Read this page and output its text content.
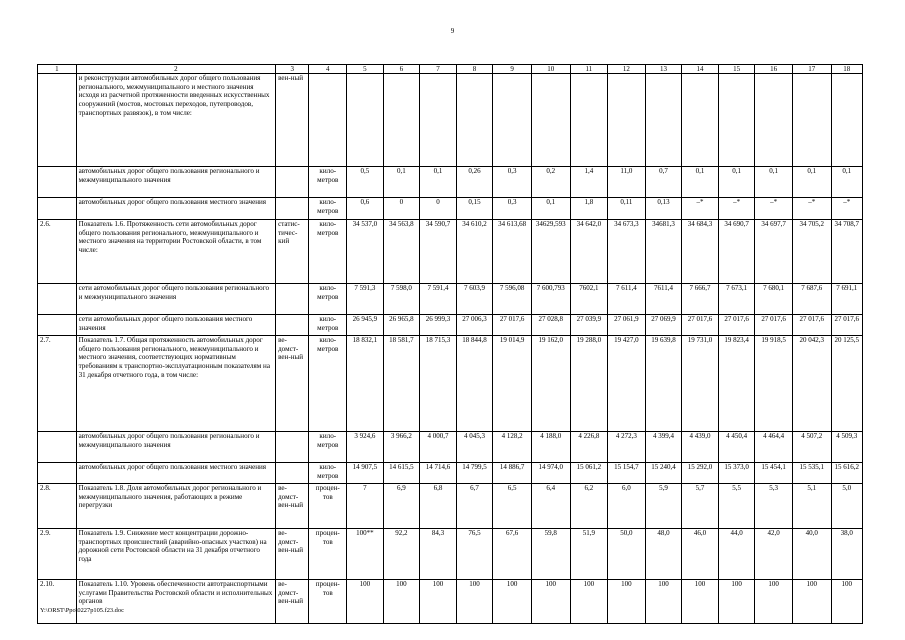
9
1	2	3	4	5	6	7	8	9	10	11	12	13	14	15	16	17	18
	и реконструкции автомобильных дорог общего пользования регионального, межмуниципального и местного значения исходя из расчетной протяженности введенных искусственных сооружений (мостов, мостовых переходов, путепроводов, транспортных развязок), в том числе:	вен-ный															
	автомобильных дорог общего пользования регионального и межмуниципального значения		кило-метров	0,5	0,1	0,1	0,26	0,3	0,2	1,4	11,0	0,7	0,1	0,1	0,1	0,1	0,1
	автомобильных дорог общего пользования местного значения		кило-метров	0,6	0	0	0,15	0,3	0,1	1,8	0,11	0,13	–*	–*	–*	–*	–*
2.6.	Показатель 1.6. Протяженность сети автомобильных дорог общего пользования регионального, межмуниципального и местного значения на территории Ростовской области, в том числе:	статис-тичес-кий	кило-метров	34 537,0	34 563,8	34 590,7	34 610,2	34 613,68	34629,593	34 642,0	34 673,3	34681,3	34 684,3	34 690,7	34 697,7	34 705,2	34 708,7
	сети автомобильных дорог общего пользования регионального и межмуниципального значения		кило-метров	7 591,3	7 598,0	7 591,4	7 603,9	7 596,08	7 600,793	7602,1	7 611,4	7611,4	7 666,7	7 673,1	7 680,1	7 687,6	7 691,1
	сети автомобильных дорог общего пользования местного значения		кило-метров	26 945,9	26 965,8	26 999,3	27 006,3	27 017,6	27 028,8	27 039,9	27 061,9	27 069,9	27 017,6	27 017,6	27 017,6	27 017,6	27 017,6
2.7.	Показатель 1.7. Общая протяженность автомобильных дорог общего пользования регионального, межмуниципального и местного значения, соответствующих нормативным требованиям к транспортно-эксплуатационным показателям на 31 декабря отчетного года, в том числе:	ве-домст-вен-ный	кило-метров	18 832,1	18 581,7	18 715,3	18 844,8	19 014,9	19 162,0	19 288,0	19 427,0	19 639,8	19 731,0	19 823,4	19 918,5	20 042,3	20 125,5
	автомобильных дорог общего пользования регионального и межмуниципального значения		кило-метров	3 924,6	3 966,2	4 000,7	4 045,3	4 128,2	4 188,0	4 226,8	4 272,3	4 399,4	4 439,0	4 450,4	4 464,4	4 507,2	4 509,3
	автомобильных дорог общего пользования местного значения		кило-метров	14 907,5	14 615,5	14 714,6	14 799,5	14 886,7	14 974,0	15 061,2	15 154,7	15 240,4	15 292,0	15 373,0	15 454,1	15 535,1	15 616,2
2.8.	Показатель 1.8. Доля автомобильных дорог регионального и межмуниципального значения, работающих в режиме перегрузки	ве-домст-вен-ный	процен-тов	7	6,9	6,8	6,7	6,5	6,4	6,2	6,0	5,9	5,7	5,5	5,3	5,1	5,0
2.9.	Показатель 1.9. Снижение мест концентрации дорожно-транспортных происшествий (аварийно-опасных участков) на дорожной сети Ростовской области на 31 декабря отчетного года	ве-домст-вен-ный	процен-тов	100**	92,2	84,3	76,5	67,6	59,8	51,9	50,0	48,0	46,0	44,0	42,0	40,0	38,0
2.10.	Показатель 1.10. Уровень обеспеченности автотранспортными услугами Правительства Ростовской области и исполнительных органов	ве-домст-вен-ный	процен-тов	100	100	100	100	100	100	100	100	100	100	100	100	100	100
Y:\ORST\Ppo\0227p105.f23.doc
